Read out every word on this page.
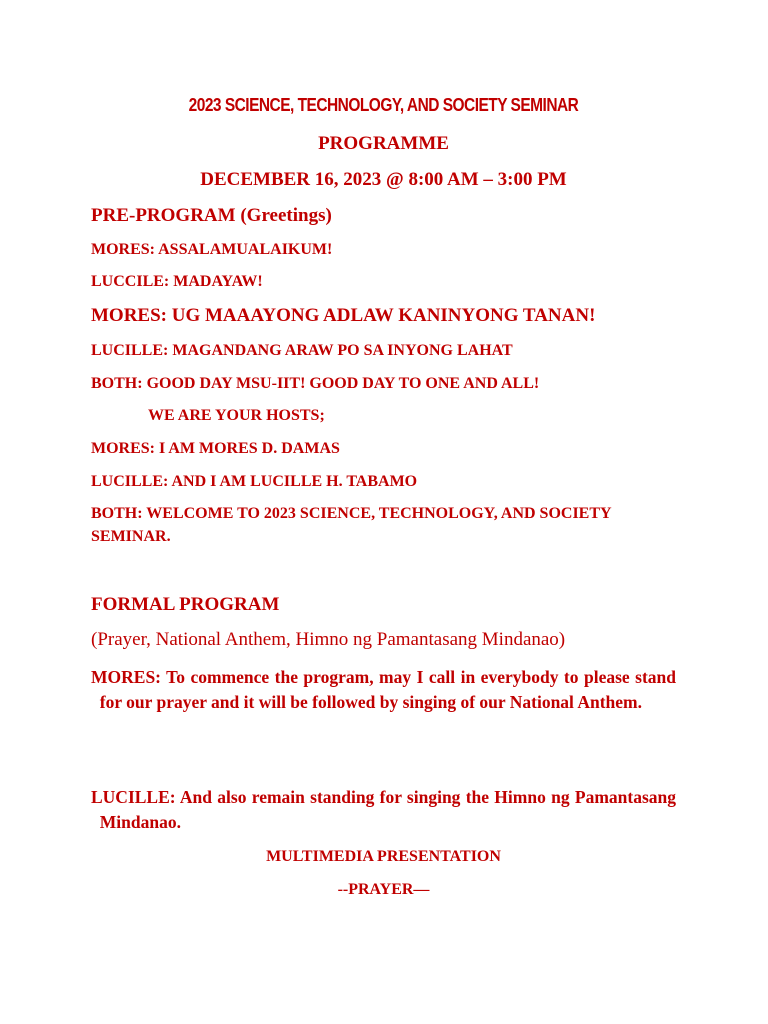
2023 SCIENCE, TECHNOLOGY, AND SOCIETY SEMINAR
PROGRAMME
DECEMBER 16, 2023 @ 8:00 AM – 3:00 PM
PRE-PROGRAM (Greetings)
MORES: ASSALAMUALAIKUM!
LUCCILE: MADAYAW!
MORES: UG MAAAYONG ADLAW KANINYONG TANAN!
LUCILLE: MAGANDANG ARAW PO SA INYONG LAHAT
BOTH: GOOD DAY MSU-IIT! GOOD DAY TO ONE AND ALL!
WE ARE YOUR HOSTS;
MORES: I AM MORES D. DAMAS
LUCILLE: AND I AM LUCILLE H. TABAMO
BOTH: WELCOME TO 2023 SCIENCE, TECHNOLOGY, AND SOCIETY
SEMINAR.
FORMAL PROGRAM
(Prayer, National Anthem, Himno ng Pamantasang Mindanao)
MORES: To commence the program, may I call in everybody to please stand   for our prayer and it will be followed by singing of our National Anthem.
LUCILLE: And also remain standing for singing the Himno ng Pamantasang   Mindanao.
MULTIMEDIA PRESENTATION
--PRAYER—
